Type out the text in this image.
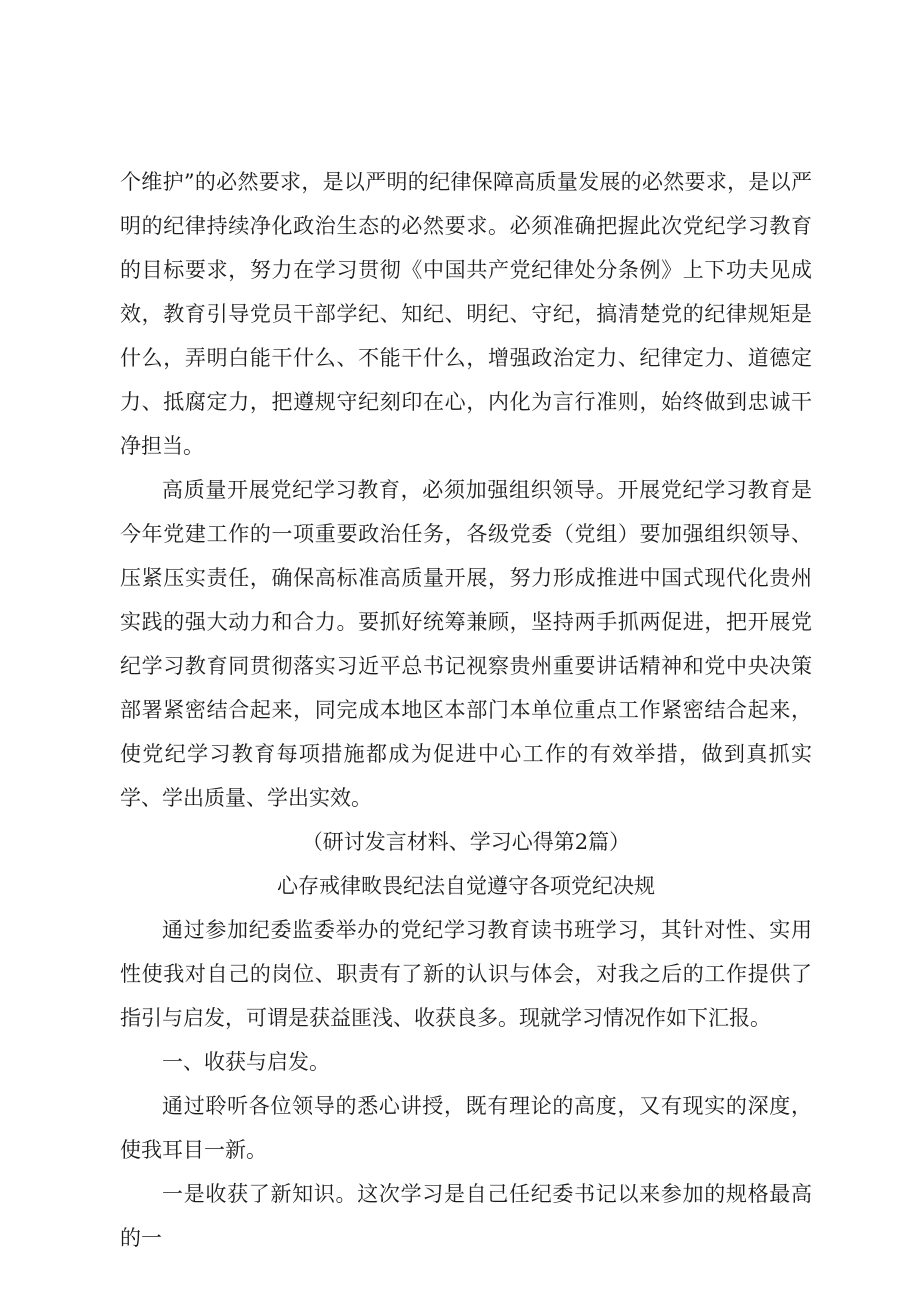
个维护”的必然要求，是以严明的纪律保障高质量发展的必然要求，是以严明的纪律持续净化政治生态的必然要求。必须准确把握此次党纪学习教育的目标要求，努力在学习贯彻《中国共产党纪律处分条例》上下功夫见成效，教育引导党员干部学纪、知纪、明纪、守纪，搞清楚党的纪律规矩是什么，弄明白能干什么、不能干什么，增强政治定力、纪律定力、道德定力、抵腐定力，把遵规守纪刻印在心，内化为言行准则，始终做到忠诚干净担当。

高质量开展党纪学习教育，必须加强组织领导。开展党纪学习教育是今年党建工作的一项重要政治任务，各级党委（党组）要加强组织领导、压紧压实责任，确保高标准高质量开展，努力形成推进中国式现代化贵州实践的强大动力和合力。要抓好统筹兼顾，坚持两手抓两促进，把开展党纪学习教育同贯彻落实习近平总书记视察贵州重要讲话精神和党中央决策部署紧密结合起来，同完成本地区本部门本单位重点工作紧密结合起来，使党纪学习教育每项措施都成为促进中心工作的有效举措，做到真抓实学、学出质量、学出实效。

（研讨发言材料、学习心得第2篇）

心存戒律畋畏纪法自觉遵守各项党纪决规

通过参加纪委监委举办的党纪学习教育读书班学习，其针对性、实用性使我对自己的岗位、职责有了新的认识与体会，对我之后的工作提供了指引与启发，可谓是获益匪浅、收获良多。现就学习情况作如下汇报。

一、收获与启发。

通过聆听各位领导的悉心讲授，既有理论的高度，又有现实的深度，使我耳目一新。

一是收获了新知识。这次学习是自己任纪委书记以来参加的规格最高的一
